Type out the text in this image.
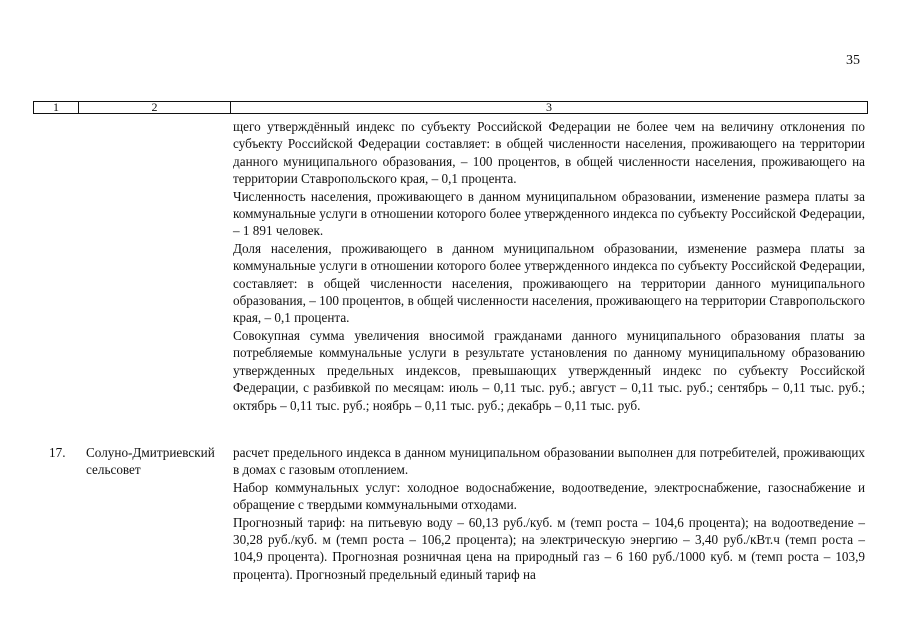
35
1	2	3

щего утверждённый индекс по субъекту Российской Федерации не более чем на величину отклонения по субъекту Российской Федерации составляет: в общей численности населения, проживающего на территории данного муниципального образования, – 100 процентов, в общей численности населения, проживающего на территории Ставропольского края, – 0,1 процента.

Численность населения, проживающего в данном муниципальном образовании, изменение размера платы за коммунальные услуги в отношении которого более утвержденного индекса по субъекту Российской Федерации, – 1 891 человек.

Доля населения, проживающего в данном муниципальном образовании, изменение размера платы за коммунальные услуги в отношении которого более утвержденного индекса по субъекту Российской Федерации, составляет: в общей численности населения, проживающего на территории данного муниципального образования, – 100 процентов, в общей численности населения, проживающего на территории Ставропольского края, – 0,1 процента.

Совокупная сумма увеличения вносимой гражданами данного муниципального образования платы за потребляемые коммунальные услуги в результате установления по данному муниципальному образованию утвержденных предельных индексов, превышающих утвержденный индекс по субъекту Российской Федерации, с разбивкой по месяцам: июль – 0,11 тыс. руб.; август – 0,11 тыс. руб.; сентябрь – 0,11 тыс. руб.; октябрь – 0,11 тыс. руб.; ноябрь – 0,11 тыс. руб.; декабрь – 0,11 тыс. руб.

17. Солуно-Дмитриевский сельсовет

расчет предельного индекса в данном муниципальном образовании выполнен для потребителей, проживающих в домах с газовым отоплением.

Набор коммунальных услуг: холодное водоснабжение, водоотведение, электроснабжение, газоснабжение и обращение с твердыми коммунальными отходами.

Прогнозный тариф: на питьевую воду – 60,13 руб./куб. м (темп роста – 104,6 процента); на водоотведение – 30,28 руб./куб. м (темп роста – 106,2 процента); на электрическую энергию – 3,40 руб./кВт.ч (темп роста – 104,9 процента). Прогнозная розничная цена на природный газ – 6 160 руб./1000 куб. м (темп роста – 103,9 процента). Прогнозный предельный единый тариф на
